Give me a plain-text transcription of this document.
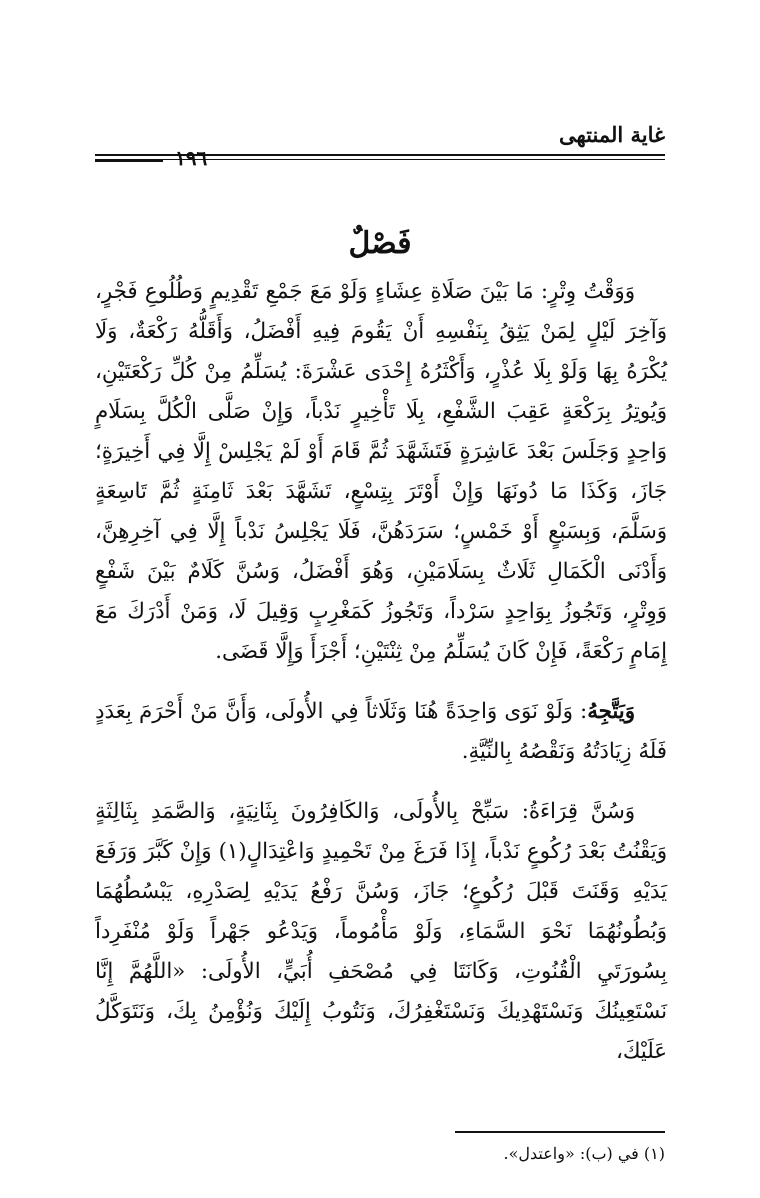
غاية المنتهى
١٩٦
فَصْلٌ

وَوَقْتُ وِتْرٍ: مَا بَيْنَ صَلَاةِ عِشَاءٍ وَلَوْ مَعَ جَمْعِ تَقْدِيمٍ وَطُلُوعِ فَجْرٍ، وَآخِرَ لَيْلٍ لِمَنْ يَثِقُ بِنَفْسِهِ أَنْ يَقُومَ فِيهِ أَفْضَلُ، وَأَقَلُّهُ رَكْعَةٌ، وَلَا يُكْرَهُ بِهَا وَلَوْ بِلَا عُذْرٍ، وَأَكْثَرُهُ إِحْدَى عَشْرَةَ: يُسَلِّمُ مِنْ كُلِّ رَكْعَتَيْنِ، وَيُوتِرُ بِرَكْعَةٍ عَقِبَ الشَّفْعِ، بِلَا تَأْخِيرٍ نَدْباً، وَإِنْ صَلَّى الْكُلَّ بِسَلَامٍ وَاحِدٍ وَجَلَسَ بَعْدَ عَاشِرَةٍ فَتَشَهَّدَ ثُمَّ قَامَ أَوْ لَمْ يَجْلِسْ إِلَّا فِي أَخِيرَةٍ؛ جَازَ، وَكَذَا مَا دُونَهَا وَإِنْ أَوْتَرَ بِتِسْعٍ، تَشَهَّدَ بَعْدَ ثَامِنَةٍ ثُمَّ تَاسِعَةٍ وَسَلَّمَ، وَبِسَبْعٍ أَوْ خَمْسٍ؛ سَرَدَهُنَّ، فَلَا يَجْلِسُ نَدْباً إِلَّا فِي آخِرِهِنَّ، وَأَدْنَى الْكَمَالِ ثَلَاثٌ بِسَلَامَيْنِ، وَهُوَ أَفْضَلُ، وَسُنَّ كَلَامٌ بَيْنَ شَفْعٍ وَوِتْرٍ، وَتَجُوزُ بِوَاحِدٍ سَرْداً، وَتَجُوزُ كَمَغْرِبٍ وَقِيلَ لَا، وَمَنْ أَدْرَكَ مَعَ إِمَامٍ رَكْعَةً، فَإِنْ كَانَ يُسَلِّمُ مِنْ ثِنْتَيْنِ؛ أَجْزَأَ وَإِلَّا قَضَى.

وَيَتَّجِهُ: وَلَوْ نَوَى وَاحِدَةً هُنَا وَثَلَاثاً فِي الأُولَى، وَأَنَّ مَنْ أَحْرَمَ بِعَدَدٍ فَلَهُ زِيَادَتُهُ وَنَقْصُهُ بِالنِّيَّةِ.

وَسُنَّ قِرَاءَةُ: سَبِّحْ بِالأُولَى، وَالكَافِرُونَ بِثَانِيَةٍ، وَالصَّمَدِ بِثَالِثَةٍ وَيَقْنُتُ بَعْدَ رُكُوعٍ نَدْباً، إِذَا فَرَغَ مِنْ تَحْمِيدٍ وَاعْتِدَالٍ(١) وَإِنْ كَبَّرَ وَرَفَعَ يَدَيْهِ وَقَنَتَ قَبْلَ رُكُوعٍ؛ جَازَ، وَسُنَّ رَفْعُ يَدَيْهِ لِصَدْرِهِ، يَبْسُطُهُمَا وَبُطُونُهُمَا نَحْوَ السَّمَاءِ، وَلَوْ مَأْمُوماً، وَيَدْعُو جَهْراً وَلَوْ مُنْفَرِداً بِسُورَتَيِ الْقُنُوتِ، وَكَانَتَا فِي مُصْحَفِ أُبَيٍّ، الأُولَى: «اللَّهُمَّ إِنَّا نَسْتَعِينُكَ وَنَسْتَهْدِيكَ وَنَسْتَغْفِرُكَ، وَنَتُوبُ إِلَيْكَ وَنُؤْمِنُ بِكَ، وَنَتَوَكَّلُ عَلَيْكَ،

(١) في (ب): «واعتدل».
